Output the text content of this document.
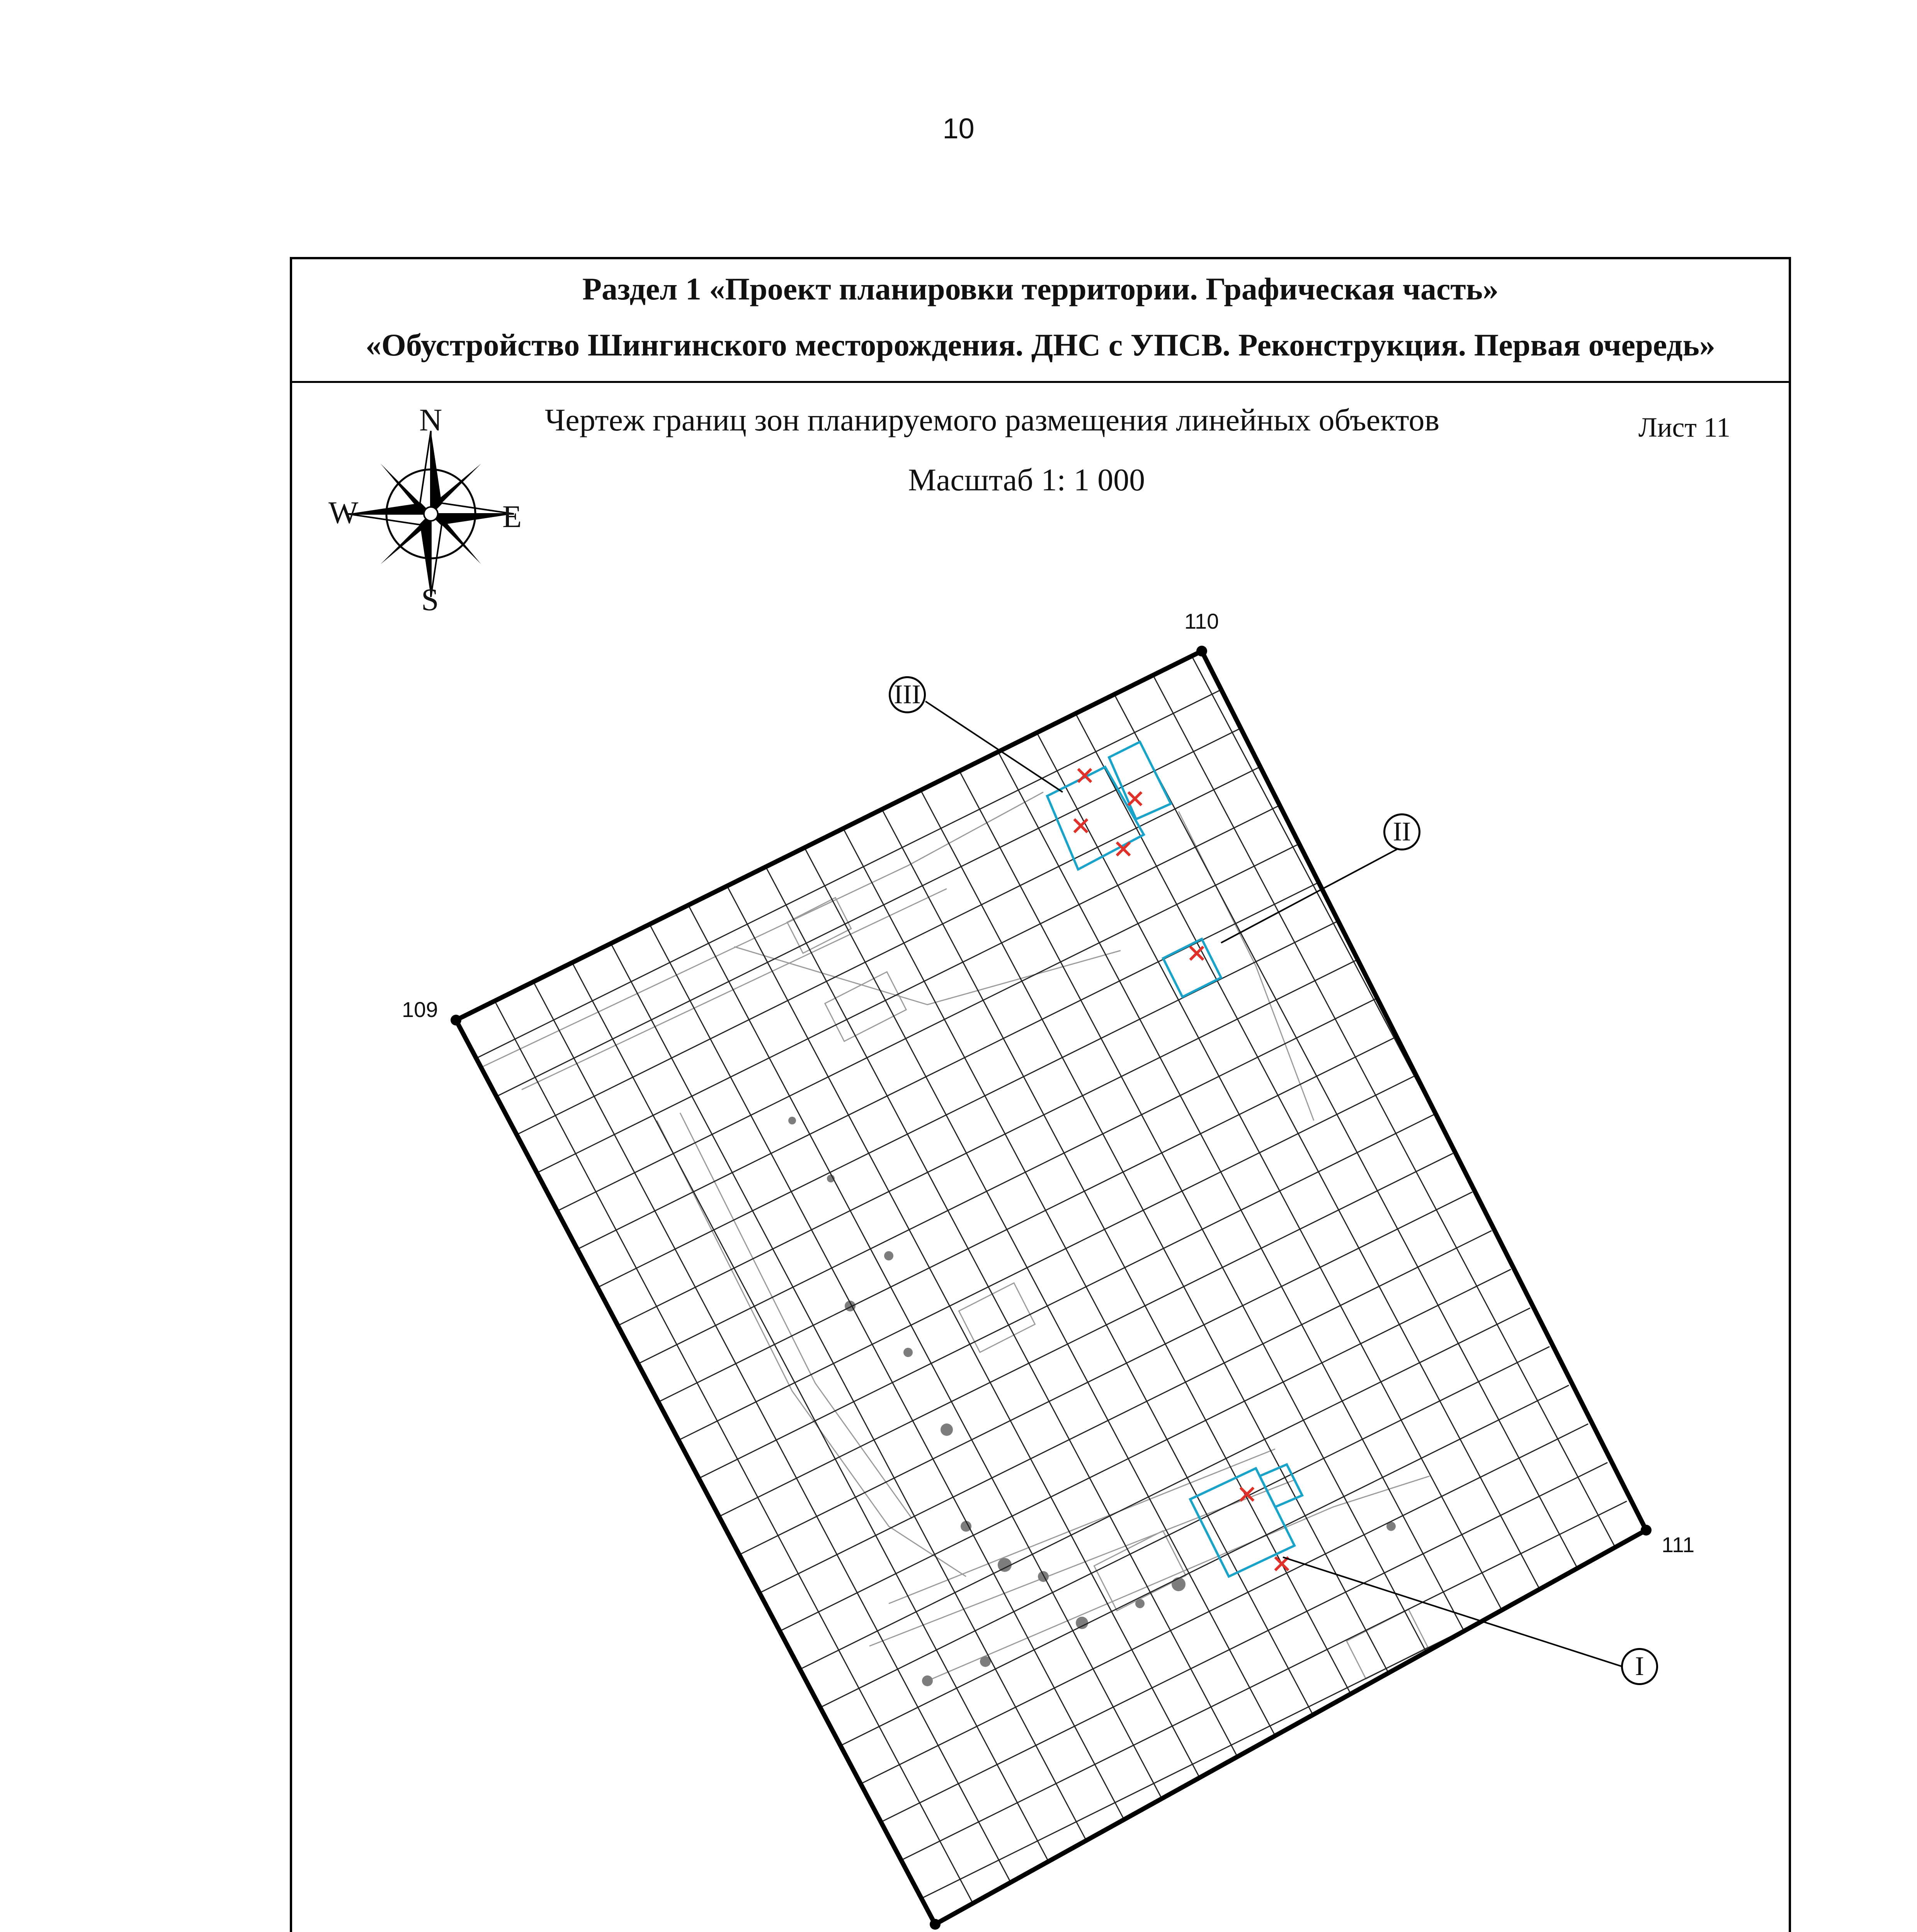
10
Раздел 1 «Проект планировки территории. Графическая часть»
«Обустройство Шингинского месторождения. ДНС с УПСВ. Реконструкция. Первая очередь»
Чертеж границ зон планируемого размещения линейных объектов	Лист 11
Масштаб 1: 1 000
N
S
W	E
110
109
111
III
II
I
